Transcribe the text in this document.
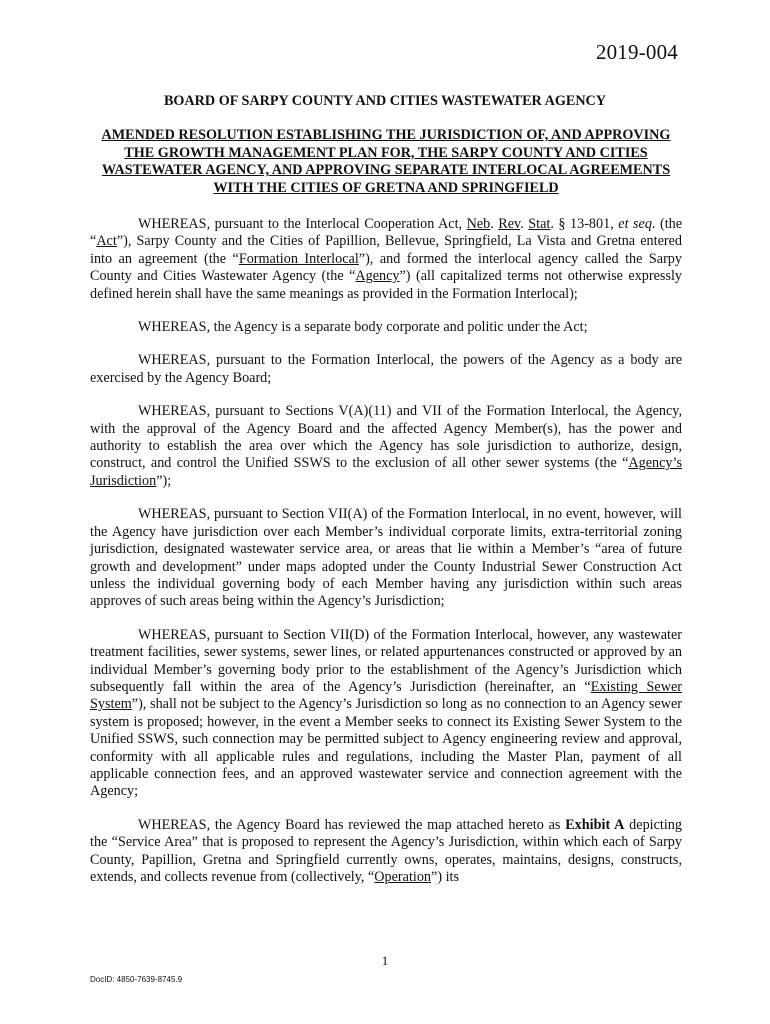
2019-004
BOARD OF SARPY COUNTY AND CITIES WASTEWATER AGENCY
AMENDED RESOLUTION ESTABLISHING THE JURISDICTION OF, AND APPROVING THE GROWTH MANAGEMENT PLAN FOR, THE SARPY COUNTY AND CITIES WASTEWATER AGENCY, AND APPROVING SEPARATE INTERLOCAL AGREEMENTS WITH THE CITIES OF GRETNA AND SPRINGFIELD

WHEREAS, pursuant to the Interlocal Cooperation Act, Neb. Rev. Stat. § 13-801, et seq. (the “Act”), Sarpy County and the Cities of Papillion, Bellevue, Springfield, La Vista and Gretna entered into an agreement (the “Formation Interlocal”), and formed the interlocal agency called the Sarpy County and Cities Wastewater Agency (the “Agency”) (all capitalized terms not otherwise expressly defined herein shall have the same meanings as provided in the Formation Interlocal);

WHEREAS, the Agency is a separate body corporate and politic under the Act;

WHEREAS, pursuant to the Formation Interlocal, the powers of the Agency as a body are exercised by the Agency Board;

WHEREAS, pursuant to Sections V(A)(11) and VII of the Formation Interlocal, the Agency, with the approval of the Agency Board and the affected Agency Member(s), has the power and authority to establish the area over which the Agency has sole jurisdiction to authorize, design, construct, and control the Unified SSWS to the exclusion of all other sewer systems (the “Agency’s Jurisdiction”);

WHEREAS, pursuant to Section VII(A) of the Formation Interlocal, in no event, however, will the Agency have jurisdiction over each Member’s individual corporate limits, extra-territorial zoning jurisdiction, designated wastewater service area, or areas that lie within a Member’s “area of future growth and development” under maps adopted under the County Industrial Sewer Construction Act unless the individual governing body of each Member having any jurisdiction within such areas approves of such areas being within the Agency’s Jurisdiction;

WHEREAS, pursuant to Section VII(D) of the Formation Interlocal, however, any wastewater treatment facilities, sewer systems, sewer lines, or related appurtenances constructed or approved by an individual Member’s governing body prior to the establishment of the Agency’s Jurisdiction which subsequently fall within the area of the Agency’s Jurisdiction (hereinafter, an “Existing Sewer System”), shall not be subject to the Agency’s Jurisdiction so long as no connection to an Agency sewer system is proposed; however, in the event a Member seeks to connect its Existing Sewer System to the Unified SSWS, such connection may be permitted subject to Agency engineering review and approval, conformity with all applicable rules and regulations, including the Master Plan, payment of all applicable connection fees, and an approved wastewater service and connection agreement with the Agency;

WHEREAS, the Agency Board has reviewed the map attached hereto as Exhibit A depicting the “Service Area” that is proposed to represent the Agency’s Jurisdiction, within which each of Sarpy County, Papillion, Gretna and Springfield currently owns, operates, maintains, designs, constructs, extends, and collects revenue from (collectively, “Operation”) its

1
DocID: 4850-7639-8745.9
